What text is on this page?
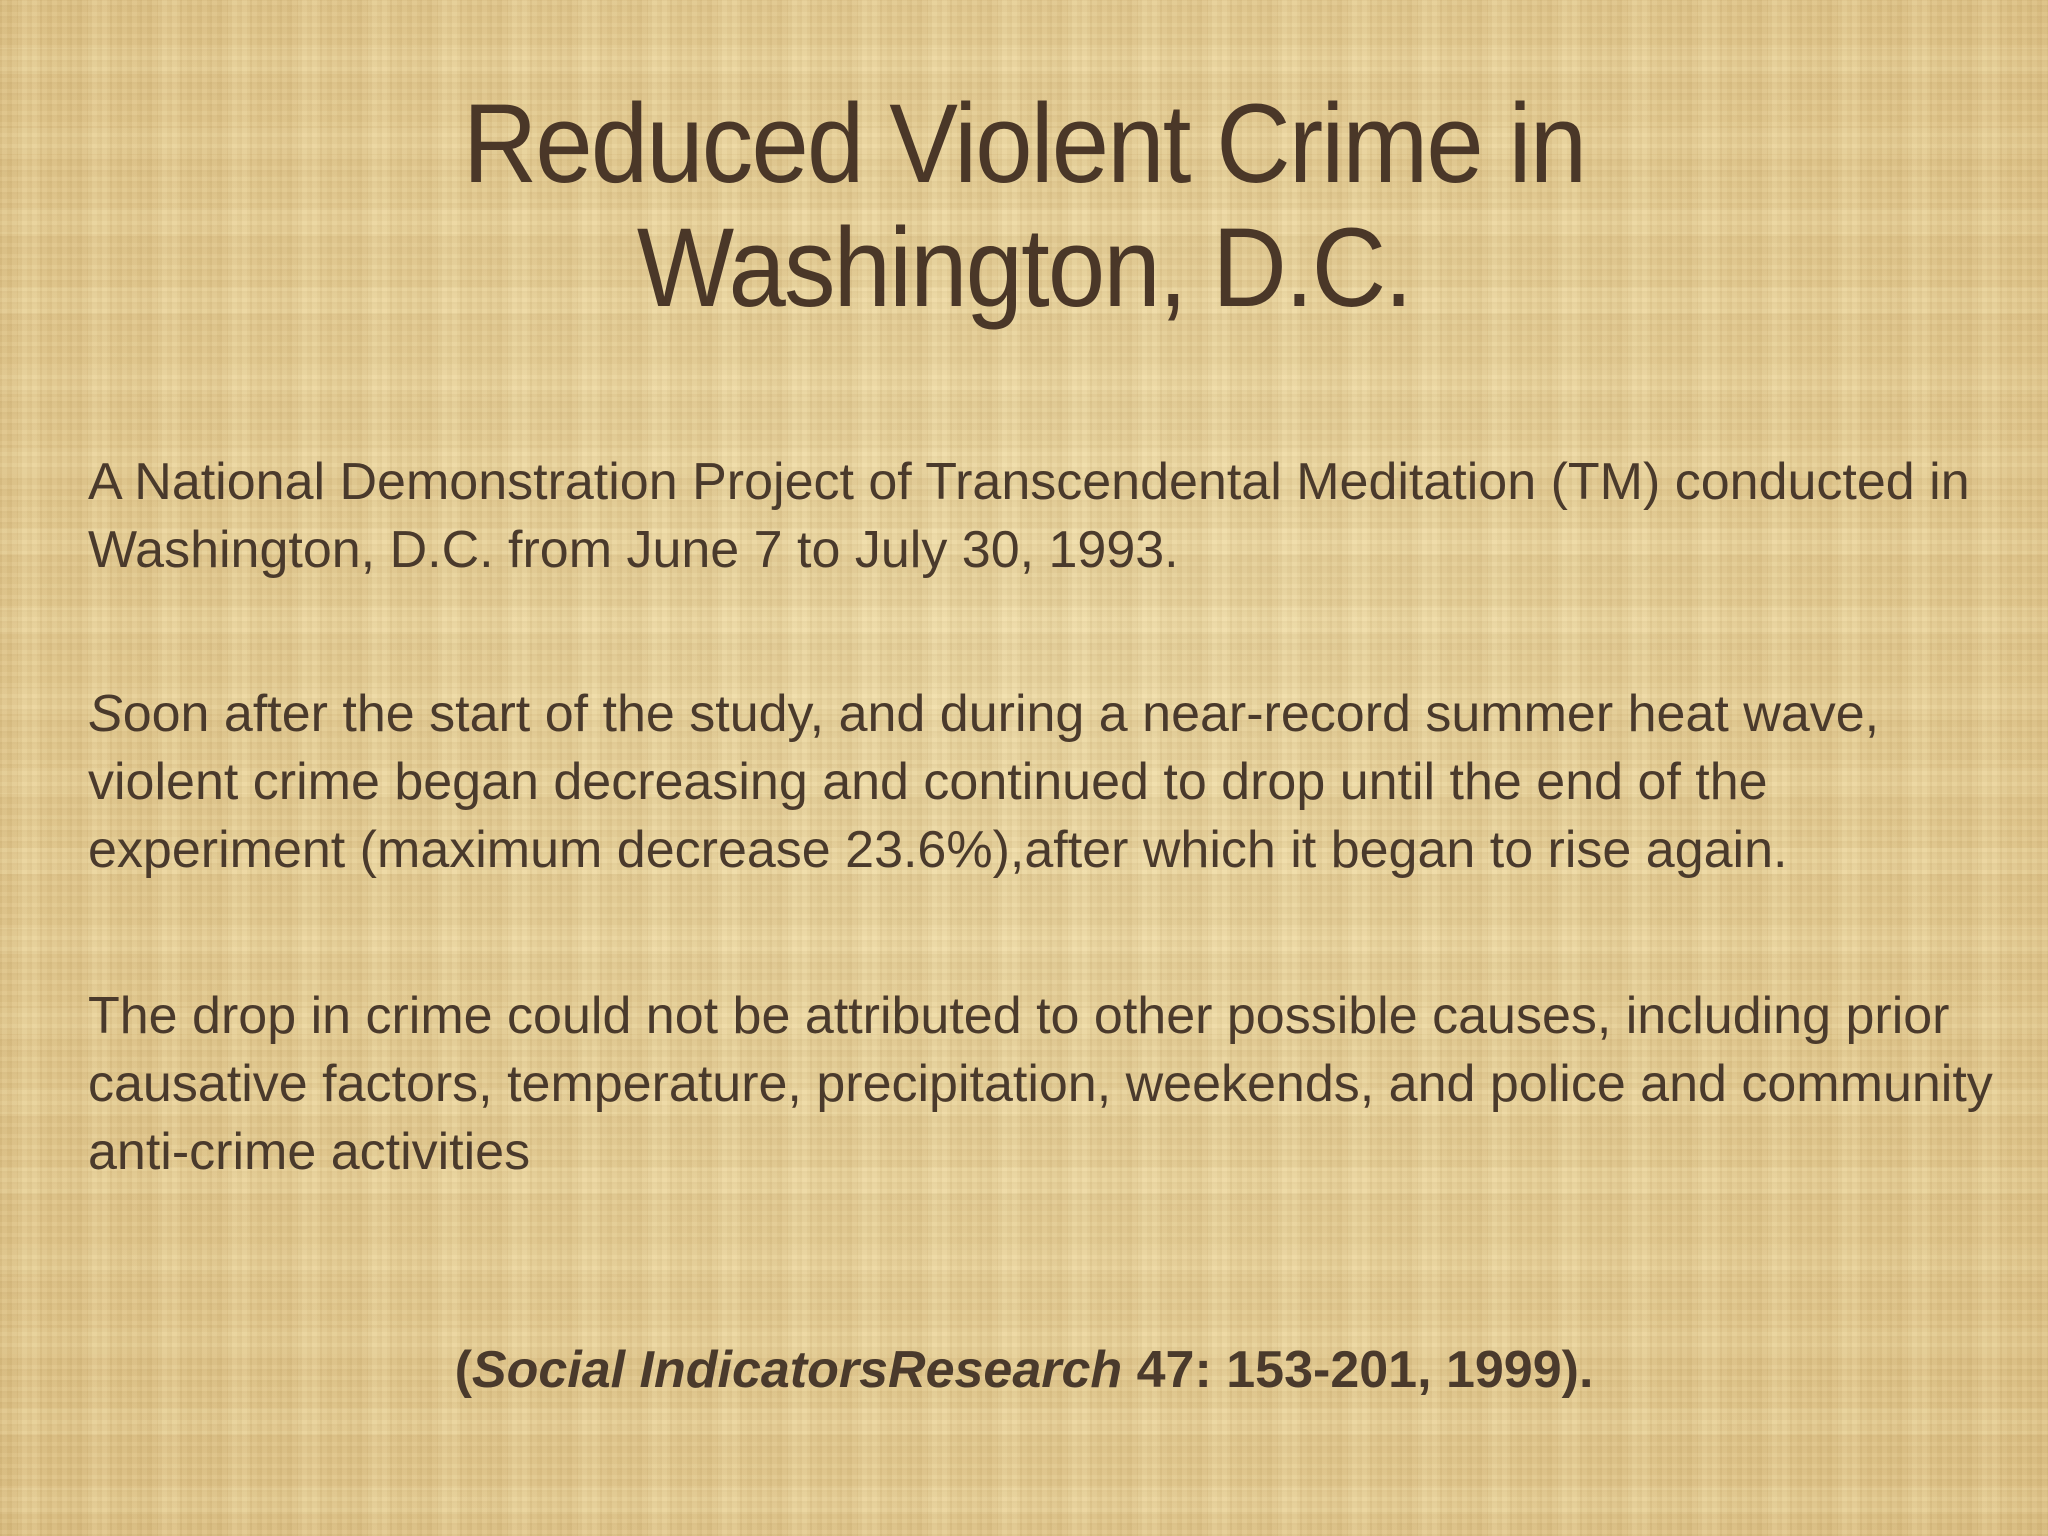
Reduced Violent Crime in
Washington, D.C.

A National Demonstration Project of Transcendental Meditation (TM) conducted in Washington, D.C. from June 7 to July 30, 1993.

Soon after the start of the study, and during a near-record summer heat wave, violent crime began decreasing and continued to drop until the end of the experiment (maximum decrease 23.6%),after which it began to rise again.

The drop in crime could not be attributed to other possible causes, including prior causative factors, temperature, precipitation, weekends, and police and community anti-crime activities

(Social IndicatorsResearch 47: 153-201, 1999).
